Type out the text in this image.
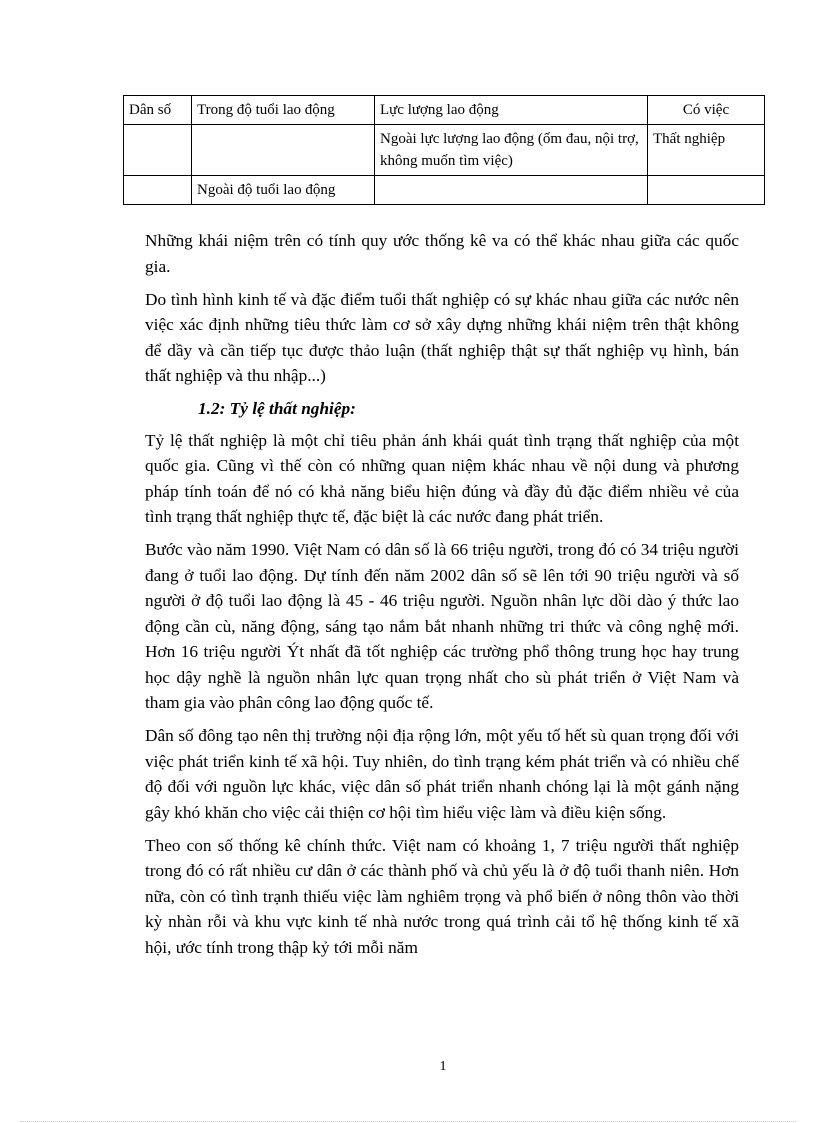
Dân số	Trong độ tuổi lao động	Lực lượng lao động	Có việc
		Ngoài lực lượng lao động (ốm đau, nội trợ, không muốn tìm việc)	Thất nghiệp
	Ngoài độ tuổi lao động		

Những khái niệm trên có tính quy ước thống kê va có thể khác nhau giữa các quốc gia.

Do tình hình kinh tế và đặc điểm tuổi thất nghiệp có sự khác nhau giữa các nước nên việc xác định những tiêu thức làm cơ sở xây dựng những khái niệm trên thật không để dầy và cần tiếp tục được thảo luận (thất nghiệp thật sự thất nghiệp vụ hình, bán thất nghiệp và thu nhập...)

1.2: Tỷ lệ thất nghiệp:

Tỷ lệ thất nghiệp là một chỉ tiêu phản ánh khái quát tình trạng thất nghiệp của một quốc gia. Cũng vì thế còn có những quan niệm khác nhau về nội dung và phương pháp tính toán để nó có khả năng biểu hiện đúng và đầy đủ đặc điểm nhiều vẻ của tình trạng thất nghiệp thực tế, đặc biệt là các nước đang phát triển.

Bước vào năm 1990. Việt Nam có dân số là 66 triệu người, trong đó có 34 triệu người đang ở tuổi lao động. Dự tính đến năm 2002 dân số sẽ lên tới 90 triệu người và số người ở độ tuổi lao động là 45 - 46 triệu người. Nguồn nhân lực dồi dào ý thức lao động cần cù, năng động, sáng tạo nắm bắt nhanh những tri thức và công nghệ mới. Hơn 16 triệu người Ýt nhất đã tốt nghiệp các trường phổ thông trung học hay trung học dậy nghề là nguồn nhân lực quan trọng nhất cho sù phát triển ở Việt Nam và tham gia vào phân công lao động quốc tế.

Dân số đông tạo nên thị trường nội địa rộng lớn, một yếu tố hết sù quan trọng đối với việc phát triển kinh tế xã hội. Tuy nhiên, do tình trạng kém phát triển và có nhiều chế độ đối với nguồn lực khác, việc dân số phát triển nhanh chóng lại là một gánh nặng gây khó khăn cho việc cải thiện cơ hội tìm hiểu việc làm và điều kiện sống.

Theo con số thống kê chính thức. Việt nam có khoảng 1, 7 triệu người thất nghiệp trong đó có rất nhiều cư dân ở các thành phố và chủ yếu là ở độ tuổi thanh niên. Hơn nữa, còn có tình trạnh thiếu việc làm nghiêm trọng và phổ biến ở nông thôn vào thời kỳ nhàn rỗi và khu vực kinh tế nhà nước trong quá trình cải tổ hệ thống kinh tế xã hội, ước tính trong thập kỷ tới mỗi năm

1
